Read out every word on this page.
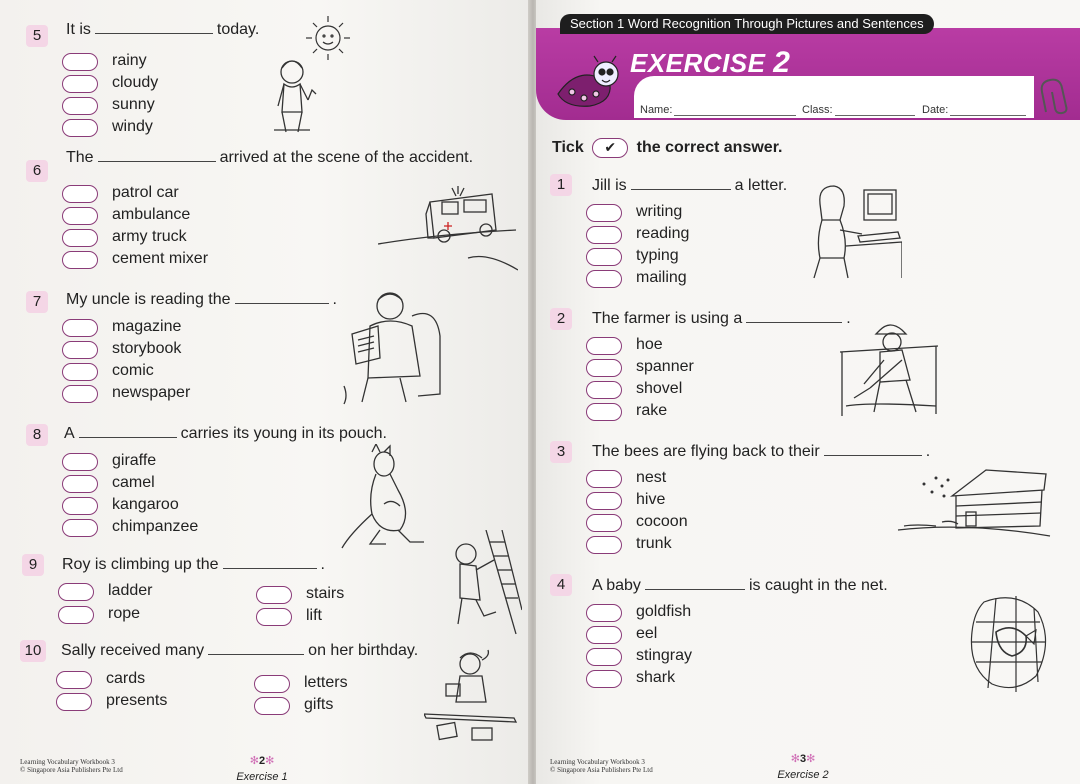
5	It is	today.
rainy
cloudy
sunny
windy
6
The	arrived at the scene of the accident.
patrol car
ambulance
army truck
cement mixer
7	My uncle is reading the	.
magazine
storybook
comic
newspaper
8	A	carries its young in its pouch.
giraffe
camel
kangaroo
chimpanzee
9	Roy is climbing up the	.
ladder
rope
stairs
lift
10 Sally received many	on her birthday.
cards
presents
letters
gifts
Learning Vocabulary Workbook 3
© Singapore Asia Publishers Pte Ltd
✻2✻
Exercise 1
Section 1 Word Recognition Through Pictures and Sentences
EXERCISE 2
Name:	Class:	Date:
Tick ✔ the correct answer.
1	Jill is	a letter.
writing
reading
typing
mailing
2	The farmer is using a	.
hoe
spanner
shovel
rake
3	The bees are flying back to their	.
nest
hive
cocoon
trunk
4	A baby	is caught in the net.
goldfish
eel
stingray
shark
Learning Vocabulary Workbook 3
© Singapore Asia Publishers Pte Ltd
✻3✻
Exercise 2
